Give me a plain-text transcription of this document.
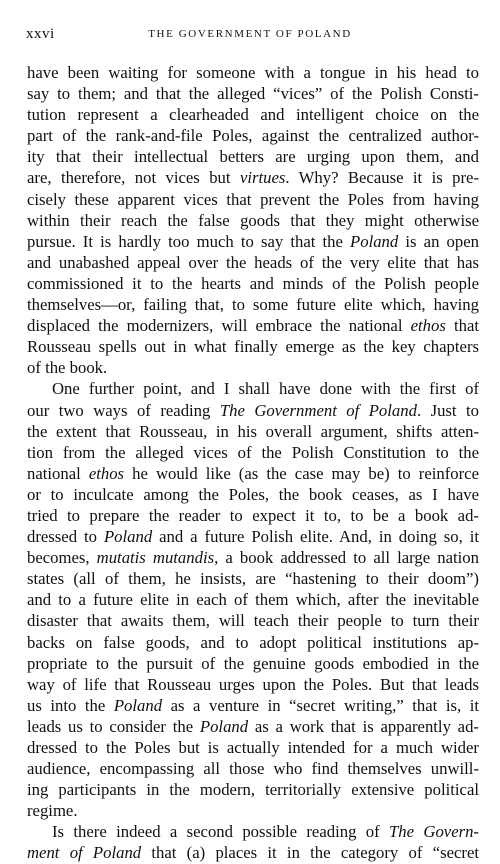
xxvi	THE GOVERNMENT OF POLAND
have been waiting for someone with a tongue in his head to
say to them; and that the alleged “vices” of the Polish Consti-
tution represent a clearheaded and intelligent choice on the
part of the rank-and-file Poles, against the centralized author-
ity that their intellectual betters are urging upon them, and
are, therefore, not vices but virtues. Why? Because it is pre-
cisely these apparent vices that prevent the Poles from having
within their reach the false goods that they might otherwise
pursue. It is hardly too much to say that the Poland is an open
and unabashed appeal over the heads of the very elite that has
commissioned it to the hearts and minds of the Polish people
themselves—or, failing that, to some future elite which, having
displaced the modernizers, will embrace the national ethos that
Rousseau spells out in what finally emerge as the key chapters
of the book.
One further point, and I shall have done with the first of
our two ways of reading The Government of Poland. Just to
the extent that Rousseau, in his overall argument, shifts atten-
tion from the alleged vices of the Polish Constitution to the
national ethos he would like (as the case may be) to reinforce
or to inculcate among the Poles, the book ceases, as I have
tried to prepare the reader to expect it to, to be a book ad-
dressed to Poland and a future Polish elite. And, in doing so, it
becomes, mutatis mutandis, a book addressed to all large nation
states (all of them, he insists, are “hastening to their doom”)
and to a future elite in each of them which, after the inevitable
disaster that awaits them, will teach their people to turn their
backs on false goods, and to adopt political institutions ap-
propriate to the pursuit of the genuine goods embodied in the
way of life that Rousseau urges upon the Poles. But that leads
us into the Poland as a venture in “secret writing,” that is, it
leads us to consider the Poland as a work that is apparently ad-
dressed to the Poles but is actually intended for a much wider
audience, encompassing all those who find themselves unwill-
ing participants in the modern, territorially extensive political
regime.
Is there indeed a second possible reading of The Govern-
ment of Poland that (a) places it in the category of “secret
